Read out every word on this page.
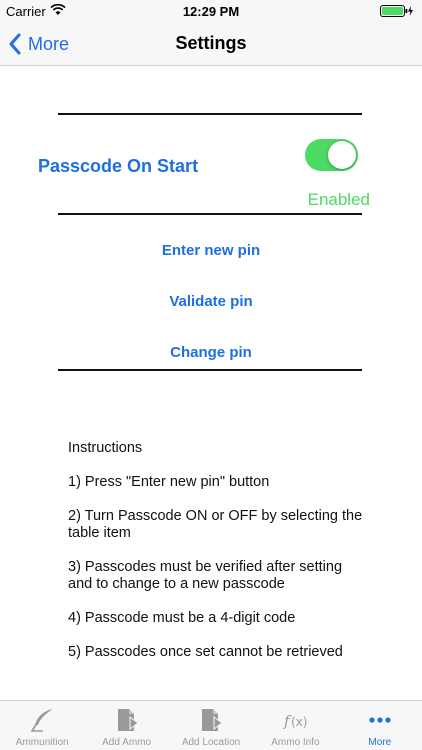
Carrier	12:29 PM
More	Settings
Passcode On Start
Enabled
Enter new pin
Validate pin
Change pin

Instructions

1) Press "Enter new pin" button

2) Turn Passcode ON or OFF by selecting the table item

3) Passcodes must be verified after setting and to change to a new passcode

4) Passcode must be a 4-digit code

5) Passcodes once set cannot be retrieved

Ammunition	Add Ammo	Add Location
f (x)
Ammo Info	More
